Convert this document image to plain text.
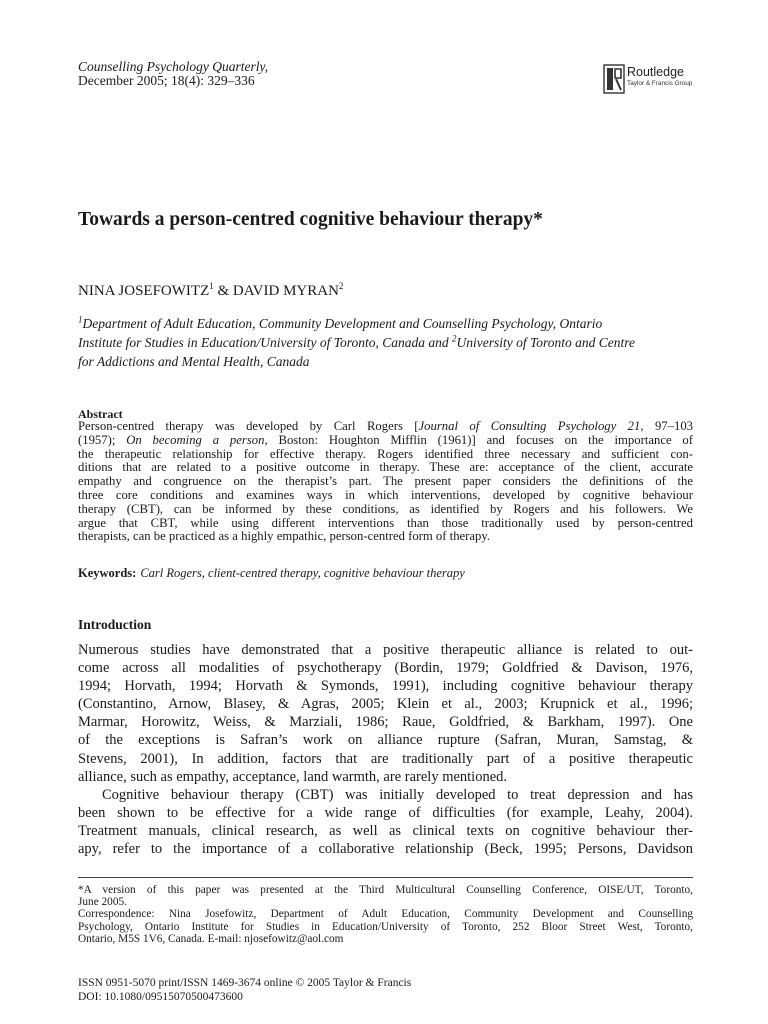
Counselling Psychology Quarterly,
December 2005; 18(4): 329–336
Routledge
Taylor & Francis Group
Towards a person-centred cognitive behaviour therapy*
NINA JOSEFOWITZ$^1$ & DAVID MYRAN$^2$
$^1$Department of Adult Education, Community Development and Counselling Psychology, Ontario
Institute for Studies in Education/University of Toronto, Canada and $^2$University of Toronto and Centre
for Addictions and Mental Health, Canada
Abstract
Person-centred therapy was developed by Carl Rogers [Journal of Consulting Psychology 21, 97–103
(1957); On becoming a person, Boston: Houghton Mifflin (1961)] and focuses on the importance of
the therapeutic relationship for effective therapy. Rogers identified three necessary and sufficient con-
ditions that are related to a positive outcome in therapy. These are: acceptance of the client, accurate
empathy and congruence on the therapist’s part. The present paper considers the definitions of the
three core conditions and examines ways in which interventions, developed by cognitive behaviour
therapy (CBT), can be informed by these conditions, as identified by Rogers and his followers. We
argue that CBT, while using different interventions than those traditionally used by person-centred
therapists, can be practiced as a highly empathic, person-centred form of therapy.
Keywords: Carl Rogers, client-centred therapy, cognitive behaviour therapy
Introduction
Numerous studies have demonstrated that a positive therapeutic alliance is related to out-
come across all modalities of psychotherapy (Bordin, 1979; Goldfried & Davison, 1976,
1994; Horvath, 1994; Horvath & Symonds, 1991), including cognitive behaviour therapy
(Constantino, Arnow, Blasey, & Agras, 2005; Klein et al., 2003; Krupnick et al., 1996;
Marmar, Horowitz, Weiss, & Marziali, 1986; Raue, Goldfried, & Barkham, 1997). One
of the exceptions is Safran’s work on alliance rupture (Safran, Muran, Samstag, &
Stevens, 2001), In addition, factors that are traditionally part of a positive therapeutic
alliance, such as empathy, acceptance, land warmth, are rarely mentioned.
Cognitive behaviour therapy (CBT) was initially developed to treat depression and has
been shown to be effective for a wide range of difficulties (for example, Leahy, 2004).
Treatment manuals, clinical research, as well as clinical texts on cognitive behaviour ther-
apy, refer to the importance of a collaborative relationship (Beck, 1995; Persons, Davidson
*A version of this paper was presented at the Third Multicultural Counselling Conference, OISE/UT, Toronto,
June 2005.
Correspondence: Nina Josefowitz, Department of Adult Education, Community Development and Counselling
Psychology, Ontario Institute for Studies in Education/University of Toronto, 252 Bloor Street West, Toronto,
Ontario, M5S 1V6, Canada. E-mail: njosefowitz@aol.com
ISSN 0951-5070 print/ISSN 1469-3674 online © 2005 Taylor & Francis
DOI: 10.1080/09515070500473600
